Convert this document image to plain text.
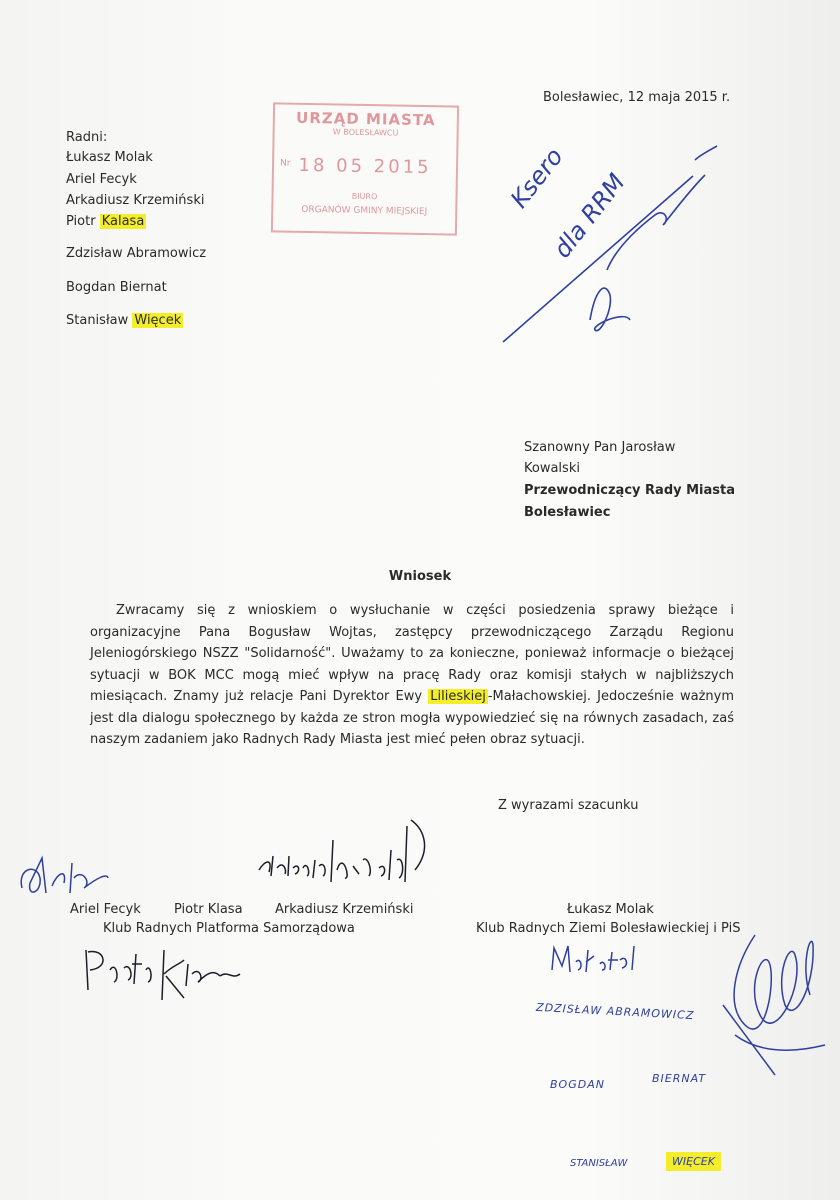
Bolesławiec, 12 maja 2015 r.
URZĄD MIASTA
W BOLESŁAWCU
Nr 18 05 2015
BIURO
ORGANÓW GMINY MIEJSKIEJ
Radni:
Łukasz Molak
Ariel Fecyk
Arkadiusz Krzemiński
Piotr Kalasa
Zdzisław Abramowicz
Bogdan Biernat
Stanisław Więcek
Ksero
dla RRM
Szanowny Pan Jarosław
Kowalski
Przewodniczący Rady Miasta
Bolesławiec
Wniosek
Zwracamy się z wnioskiem o wysłuchanie w części posiedzenia sprawy bieżące i organizacyjne Pana Bogusław Wojtas, zastępcy przewodniczącego Zarządu Regionu Jeleniogórskiego NSZZ "Solidarność". Uważamy to za konieczne, ponieważ informacje o bieżącej sytuacji w BOK MCC mogą mieć wpływ na pracę Rady oraz komisji stałych w najbliższych miesiącach. Znamy już relacje Pani Dyrektor Ewy Lilieskiej -Małachowskiej. Jedocześnie ważnym jest dla dialogu społecznego by każda ze stron mogła wypowiedzieć się na równych zasadach, zaś naszym zadaniem jako Radnych Rady Miasta jest mieć pełen obraz sytuacji.
Z wyrazami szacunku
Ariel Fecyk	Piotr Klasa Arkadiusz Krzemiński
Klub Radnych Platforma Samorządowa
Łukasz Molak
Klub Radnych Ziemi Bolesławieckiej i PiS
ZDZISŁAW ABRAMOWICZ
BOGDAN	BIERNAT
STANISŁAW	WIĘCEK
